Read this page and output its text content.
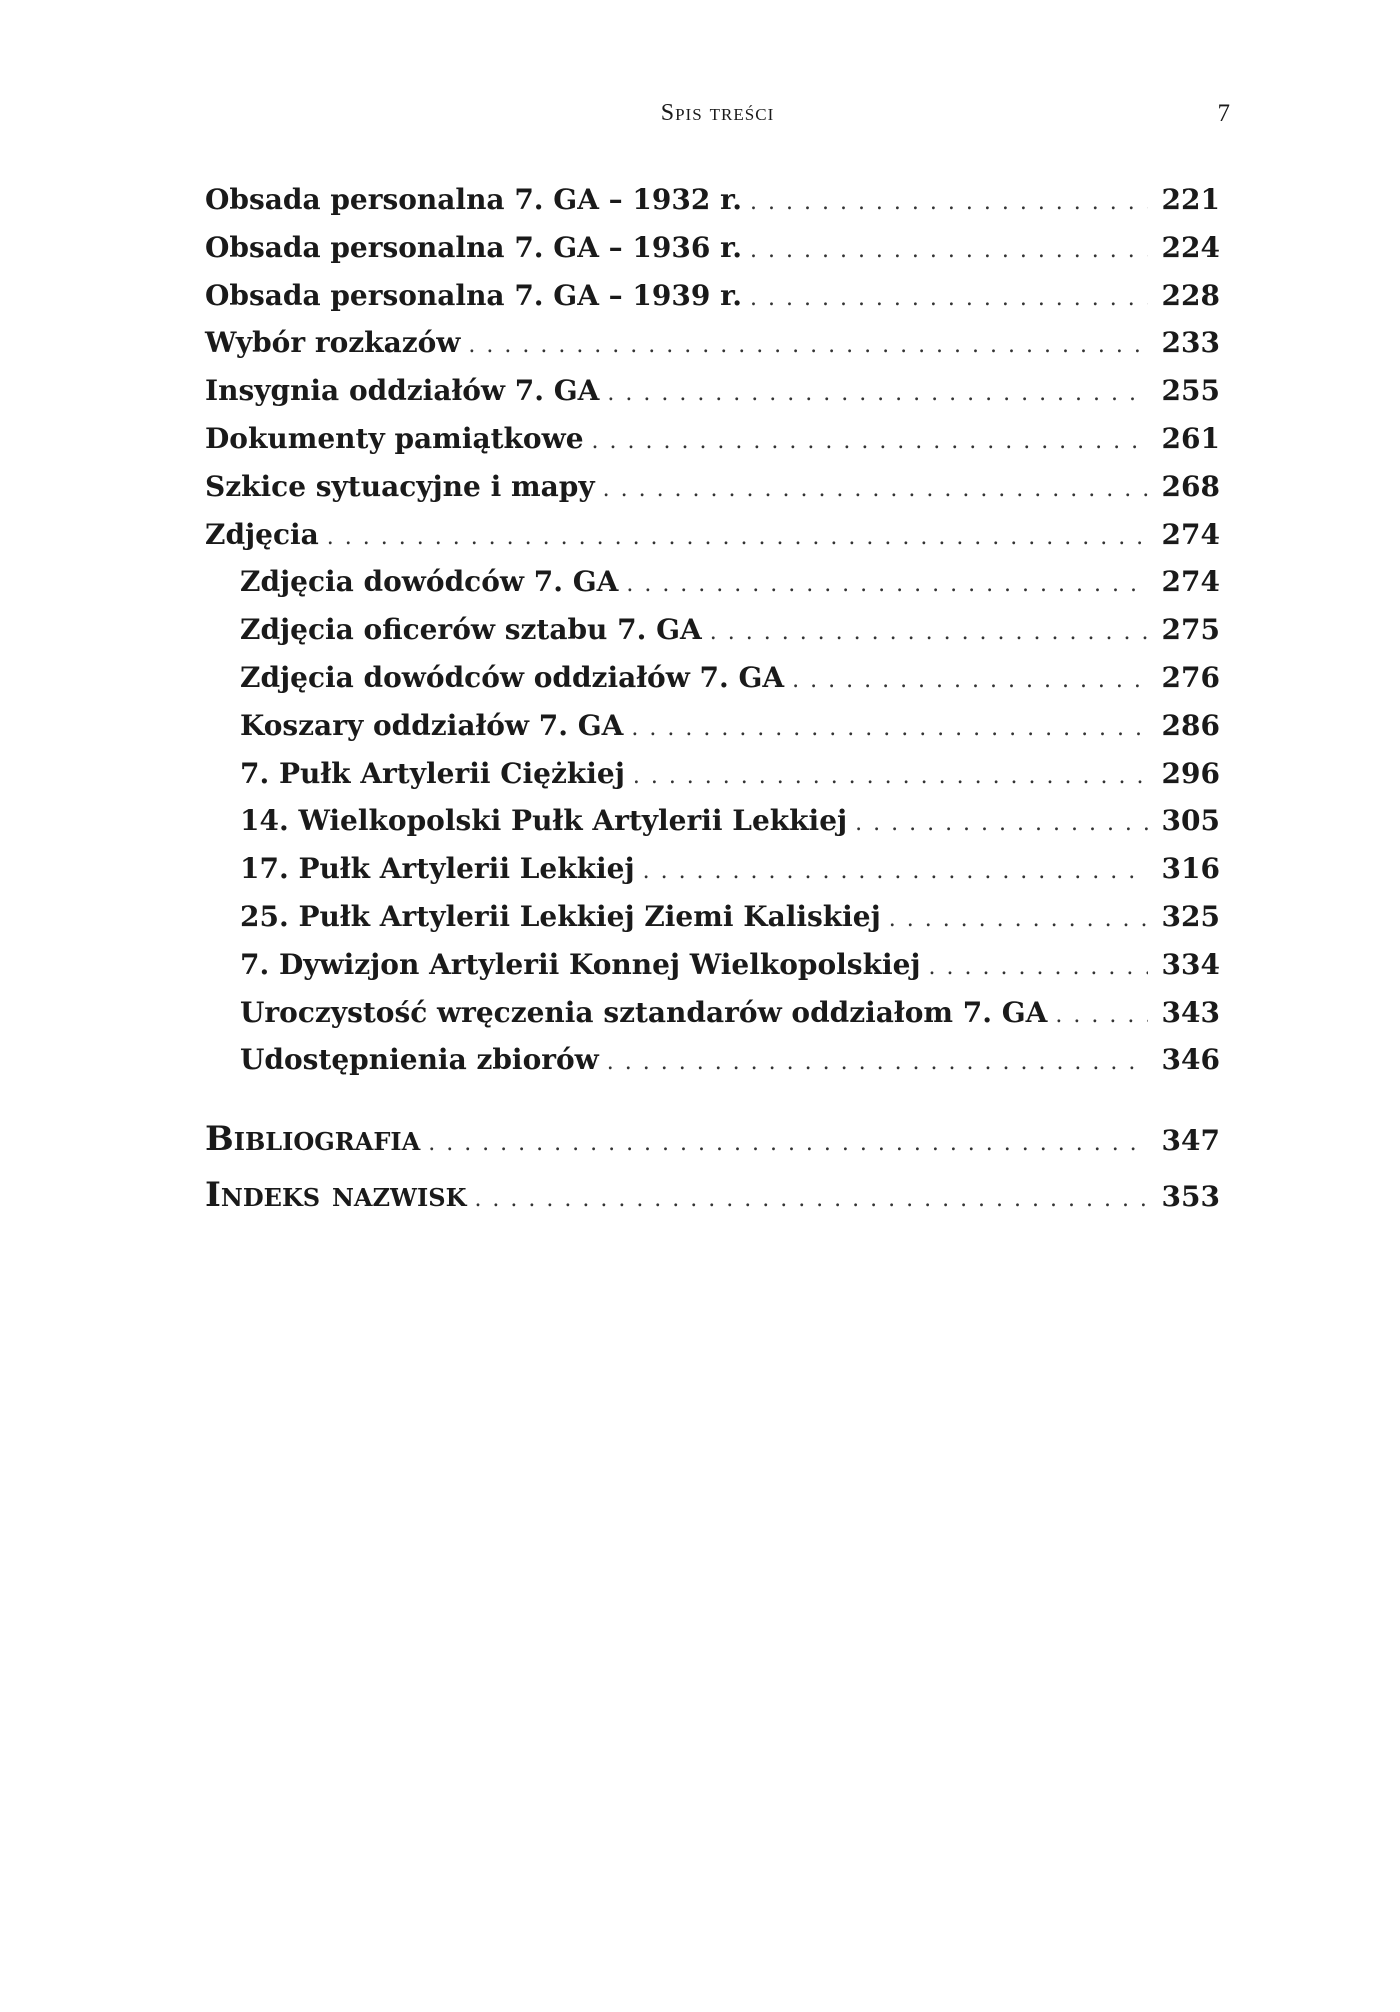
Spis treści	7
Obsada personalna 7. GA – 1932 r. . . .	221
Obsada personalna 7. GA – 1936 r. . . .	224
Obsada personalna 7. GA – 1939 r. . . .	228
Wybór rozkazów . . .	233
Insygnia oddziałów 7. GA . . .	255
Dokumenty pamiątkowe . . .	261
Szkice sytuacyjne i mapy . . .	268
Zdjęcia . . .	274
Zdjęcia dowódców 7. GA . . .	274
Zdjęcia oficerów sztabu 7. GA . . .	275
Zdjęcia dowódców oddziałów 7. GA . . .	276
Koszary oddziałów 7. GA . . .	286
7. Pułk Artylerii Ciężkiej . . .	296
14. Wielkopolski Pułk Artylerii Lekkiej . . .	305
17. Pułk Artylerii Lekkiej . . .	316
25. Pułk Artylerii Lekkiej Ziemi Kaliskiej . . .	325
7. Dywizjon Artylerii Konnej Wielkopolskiej . . .	334
Uroczystość wręczenia sztandarów oddziałom 7. GA . . .	343
Udostępnienia zbiorów . . .	346
Bibliografia . . .	347
Indeks nazwisk . . .	353
